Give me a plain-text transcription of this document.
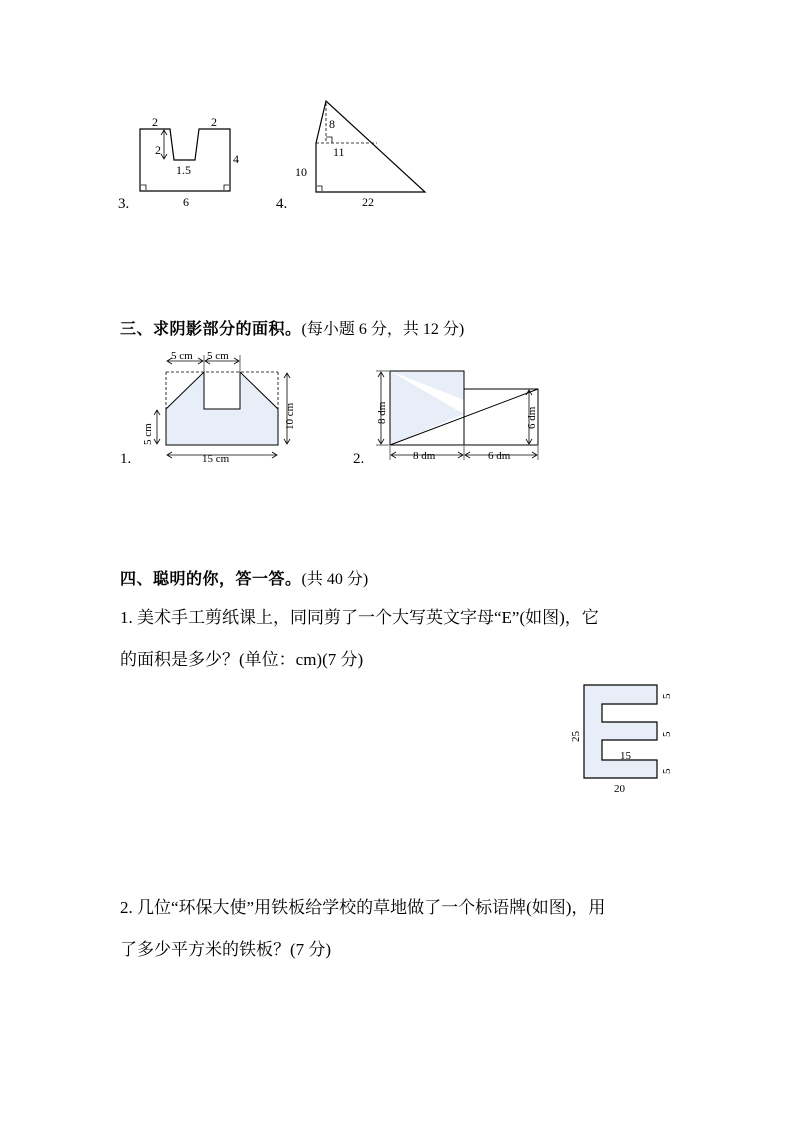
2	2
2
1.5
4
6
3.
8
11
10
22
4.
三、求阴影部分的面积。(每小题 6 分，共 12 分)
5 cm 5 cm
5 cm
10 cm
15 cm
1.
8 dm	6 dm
8 dm	6 dm
2.
四、聪明的你，答一答。(共 40 分)
1. 美术手工剪纸课上，同同剪了一个大写英文字母“E”(如图)，它
的面积是多少？(单位：cm)(7 分)
25
20
15
5
5
5
2. 几位“环保大使”用铁板给学校的草地做了一个标语牌(如图)，用
了多少平方米的铁板？(7 分)
